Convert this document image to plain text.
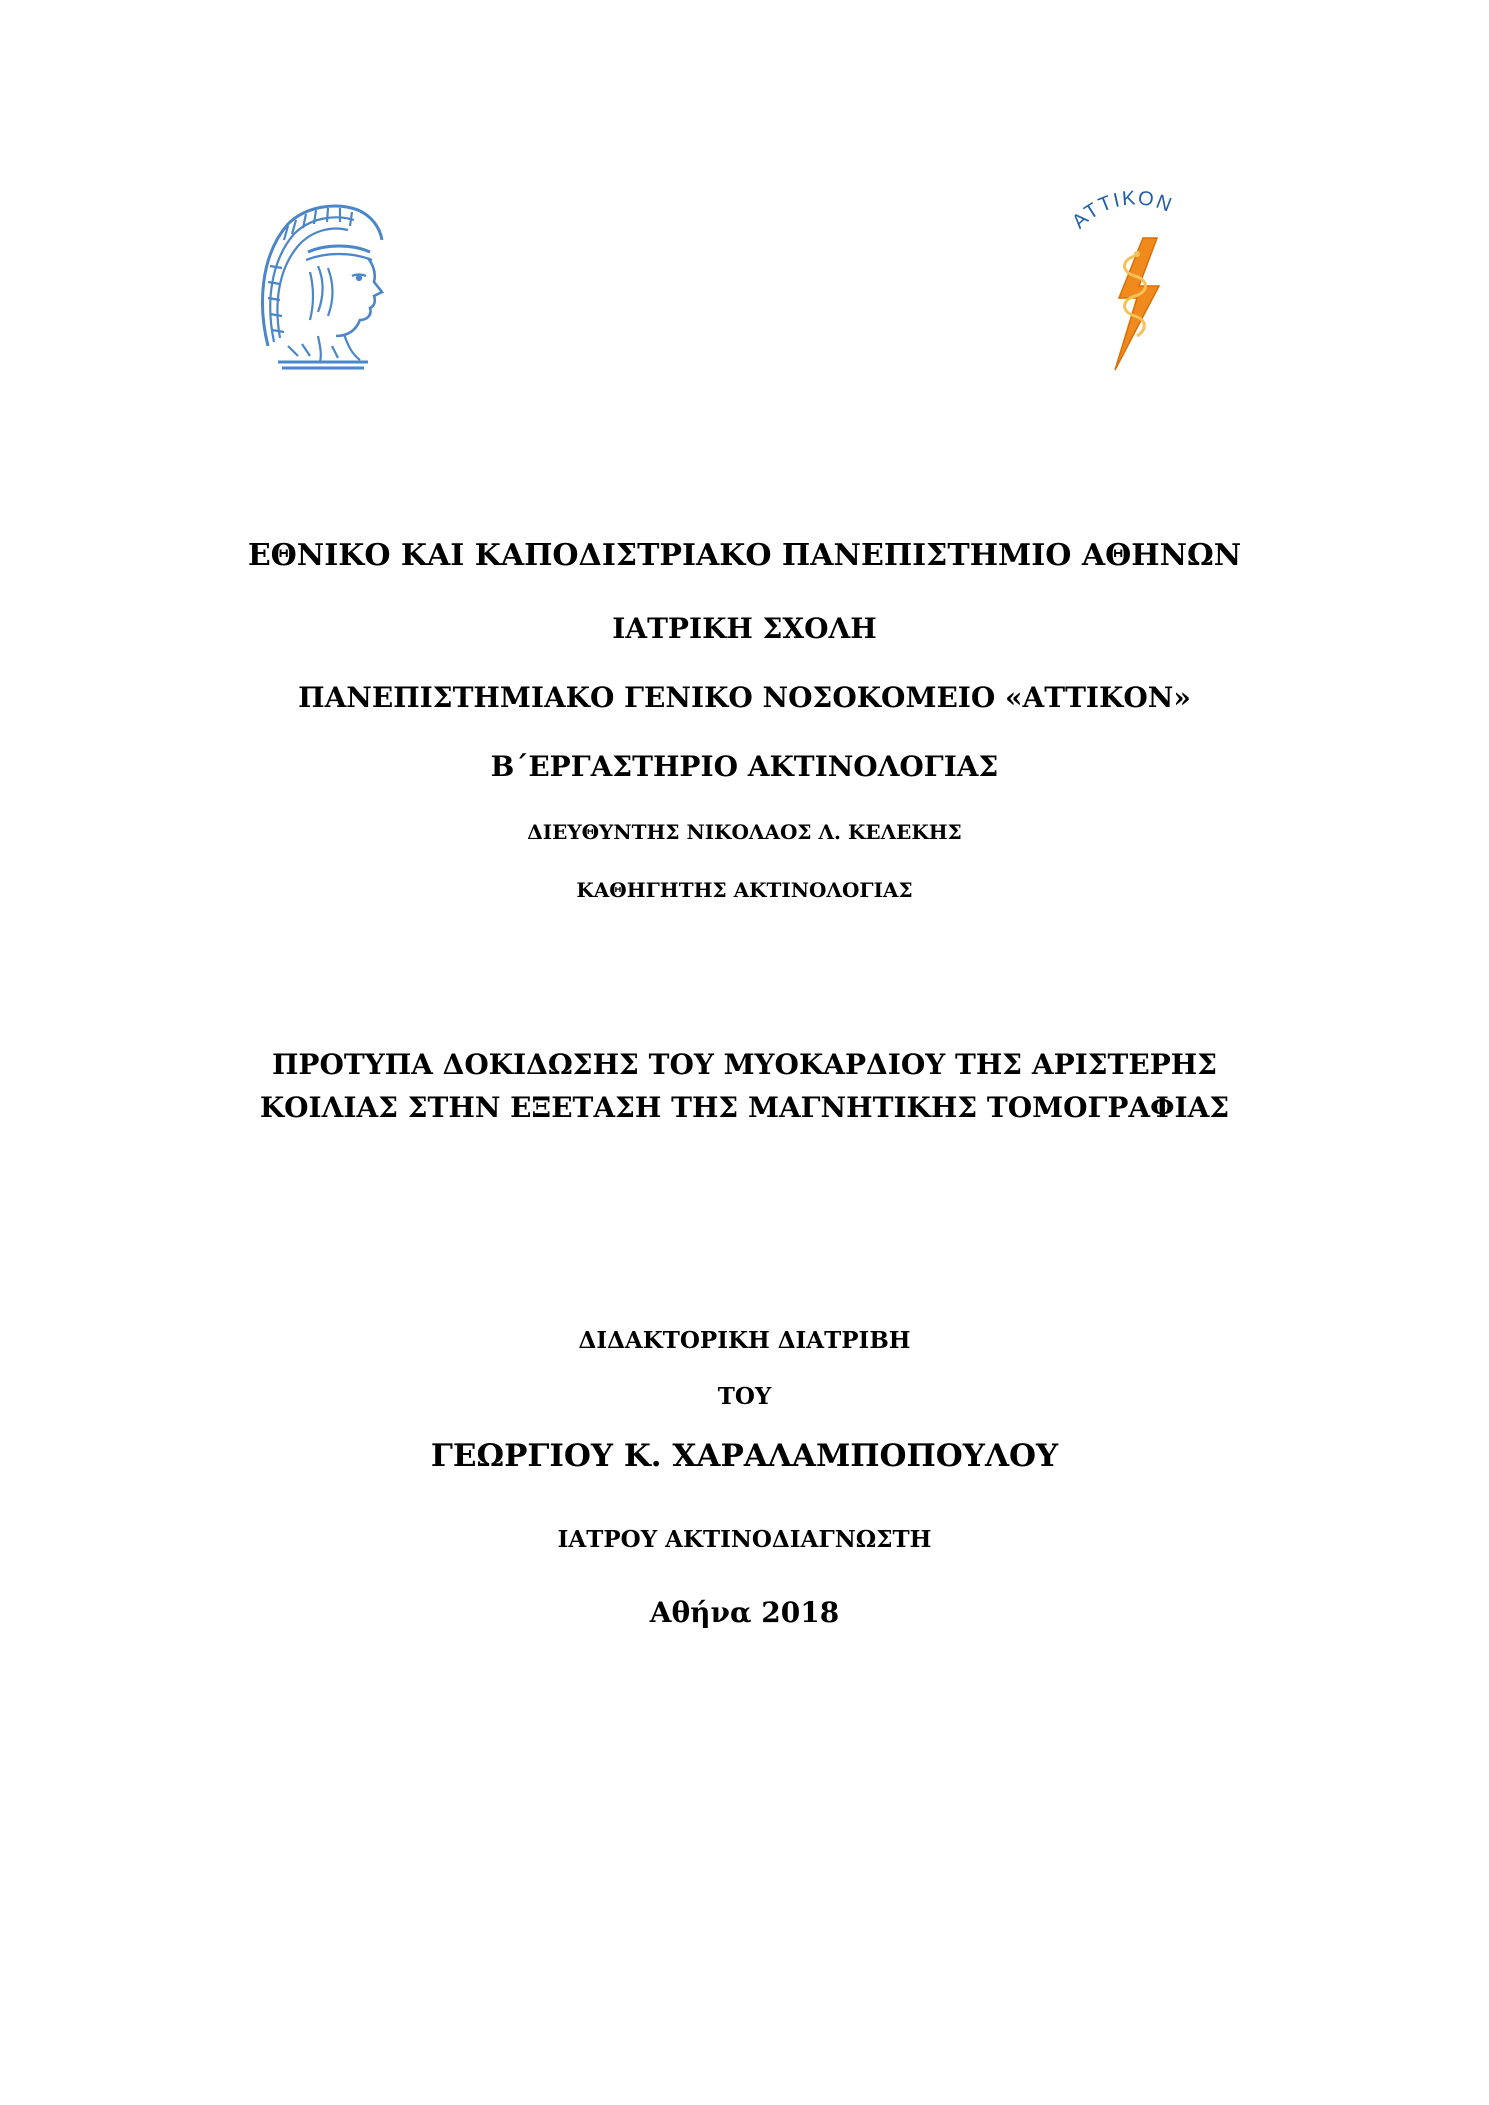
ΑΤΤΙΚΟΝ
ΕΘΝΙΚΟ ΚΑΙ ΚΑΠΟΔΙΣΤΡΙΑΚΟ ΠΑΝΕΠΙΣΤΗΜΙΟ ΑΘΗΝΩΝ
ΙΑΤΡΙΚΗ ΣΧΟΛΗ
ΠΑΝΕΠΙΣΤΗΜΙΑΚΟ ΓΕΝΙΚΟ ΝΟΣΟΚΟΜΕΙΟ «ΑΤΤΙΚΟΝ»
Β΄ΕΡΓΑΣΤΗΡΙΟ ΑΚΤΙΝΟΛΟΓΙΑΣ
ΔΙΕΥΘΥΝΤΗΣ ΝΙΚΟΛΑΟΣ Λ. ΚΕΛΕΚΗΣ
ΚΑΘΗΓΗΤΗΣ ΑΚΤΙΝΟΛΟΓΙΑΣ
ΠΡΟΤΥΠΑ ΔΟΚΙΔΩΣΗΣ ΤΟΥ ΜΥΟΚΑΡΔΙΟΥ ΤΗΣ ΑΡΙΣΤΕΡΗΣ
ΚΟΙΛΙΑΣ ΣΤΗΝ ΕΞΕΤΑΣΗ ΤΗΣ ΜΑΓΝΗΤΙΚΗΣ ΤΟΜΟΓΡΑΦΙΑΣ
ΔΙΔΑΚΤΟΡΙΚΗ ΔΙΑΤΡΙΒΗ
ΤΟΥ
ΓΕΩΡΓΙΟΥ Κ. ΧΑΡΑΛΑΜΠΟΠΟΥΛΟΥ
ΙΑΤΡΟΥ ΑΚΤΙΝΟΔΙΑΓΝΩΣΤΗ
Αθήνα 2018
